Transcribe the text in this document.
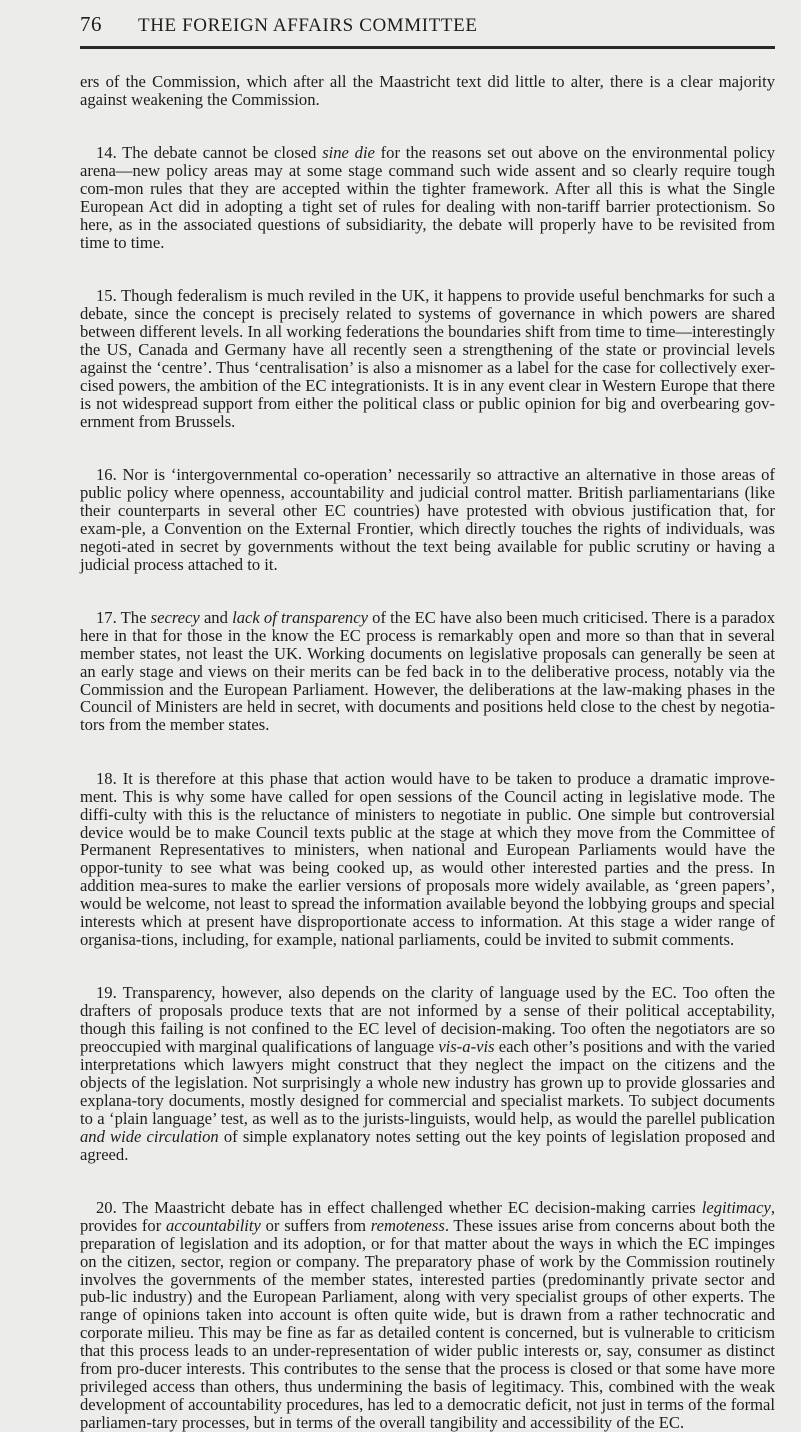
76	THE FOREIGN AFFAIRS COMMITTEE

ers of the Commission, which after all the Maastricht text did little to alter, there is a clear majority against weakening the Commission.

14. The debate cannot be closed sine die for the reasons set out above on the environmental policy arena—new policy areas may at some stage command such wide assent and so clearly require tough com-mon rules that they are accepted within the tighter framework. After all this is what the Single European Act did in adopting a tight set of rules for dealing with non-tariff barrier protectionism. So here, as in the associated questions of subsidiarity, the debate will properly have to be revisited from time to time.

15. Though federalism is much reviled in the UK, it happens to provide useful benchmarks for such a debate, since the concept is precisely related to systems of governance in which powers are shared between different levels. In all working federations the boundaries shift from time to time—interestingly the US, Canada and Germany have all recently seen a strengthening of the state or provincial levels against the ‘centre’. Thus ‘centralisation’ is also a misnomer as a label for the case for collectively exer-cised powers, the ambition of the EC integrationists. It is in any event clear in Western Europe that there is not widespread support from either the political class or public opinion for big and overbearing gov-ernment from Brussels.

16. Nor is ‘intergovernmental co-operation’ necessarily so attractive an alternative in those areas of public policy where openness, accountability and judicial control matter. British parliamentarians (like their counterparts in several other EC countries) have protested with obvious justification that, for exam-ple, a Convention on the External Frontier, which directly touches the rights of individuals, was negoti-ated in secret by governments without the text being available for public scrutiny or having a judicial process attached to it.

17. The secrecy and lack of transparency of the EC have also been much criticised. There is a paradox here in that for those in the know the EC process is remarkably open and more so than that in several member states, not least the UK. Working documents on legislative proposals can generally be seen at an early stage and views on their merits can be fed back in to the deliberative process, notably via the Commission and the European Parliament. However, the deliberations at the law-making phases in the Council of Ministers are held in secret, with documents and positions held close to the chest by negotia-tors from the member states.

18. It is therefore at this phase that action would have to be taken to produce a dramatic improve-ment. This is why some have called for open sessions of the Council acting in legislative mode. The diffi-culty with this is the reluctance of ministers to negotiate in public. One simple but controversial device would be to make Council texts public at the stage at which they move from the Committee of Permanent Representatives to ministers, when national and European Parliaments would have the oppor-tunity to see what was being cooked up, as would other interested parties and the press. In addition mea-sures to make the earlier versions of proposals more widely available, as ‘green papers’, would be welcome, not least to spread the information available beyond the lobbying groups and special interests which at present have disproportionate access to information. At this stage a wider range of organisa-tions, including, for example, national parliaments, could be invited to submit comments.

19. Transparency, however, also depends on the clarity of language used by the EC. Too often the drafters of proposals produce texts that are not informed by a sense of their political acceptability, though this failing is not confined to the EC level of decision-making. Too often the negotiators are so preoccupied with marginal qualifications of language vis-a-vis each other’s positions and with the varied interpretations which lawyers might construct that they neglect the impact on the citizens and the objects of the legislation. Not surprisingly a whole new industry has grown up to provide glossaries and explana-tory documents, mostly designed for commercial and specialist markets. To subject documents to a ‘plain language’ test, as well as to the jurists-linguists, would help, as would the parellel publication and wide circulation of simple explanatory notes setting out the key points of legislation proposed and agreed.

20. The Maastricht debate has in effect challenged whether EC decision-making carries legitimacy, provides for accountability or suffers from remoteness. These issues arise from concerns about both the preparation of legislation and its adoption, or for that matter about the ways in which the EC impinges on the citizen, sector, region or company. The preparatory phase of work by the Commission routinely involves the governments of the member states, interested parties (predominantly private sector and pub-lic industry) and the European Parliament, along with very specialist groups of other experts. The range of opinions taken into account is often quite wide, but is drawn from a rather technocratic and corporate milieu. This may be fine as far as detailed content is concerned, but is vulnerable to criticism that this process leads to an under-representation of wider public interests or, say, consumer as distinct from pro-ducer interests. This contributes to the sense that the process is closed or that some have more privileged access than others, thus undermining the basis of legitimacy. This, combined with the weak development of accountability procedures, has led to a democratic deficit, not just in terms of the formal parliamen-tary processes, but in terms of the overall tangibility and accessibility of the EC.
